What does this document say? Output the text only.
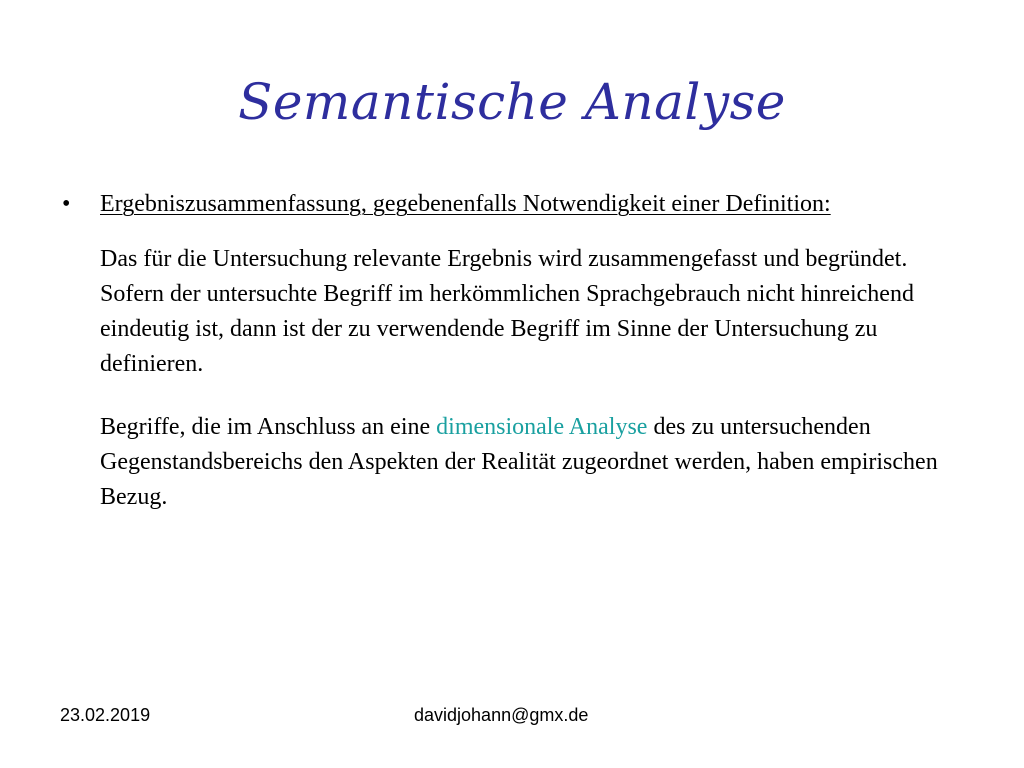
Semantische Analyse
•	Ergebniszusammenfassung, gegebenenfalls Notwendigkeit einer Definition:
Das für die Untersuchung relevante Ergebnis wird zusammengefasst und begründet. Sofern der untersuchte Begriff im herkömmlichen Sprachgebrauch nicht hinreichend eindeutig ist, dann ist der zu verwendende Begriff im Sinne der Untersuchung zu definieren.
Begriffe, die im Anschluss an eine dimensionale Analyse des zu untersuchenden Gegenstandsbereichs den Aspekten der Realität zugeordnet werden, haben empirischen Bezug.
23.02.2019	davidjohann@gmx.de
